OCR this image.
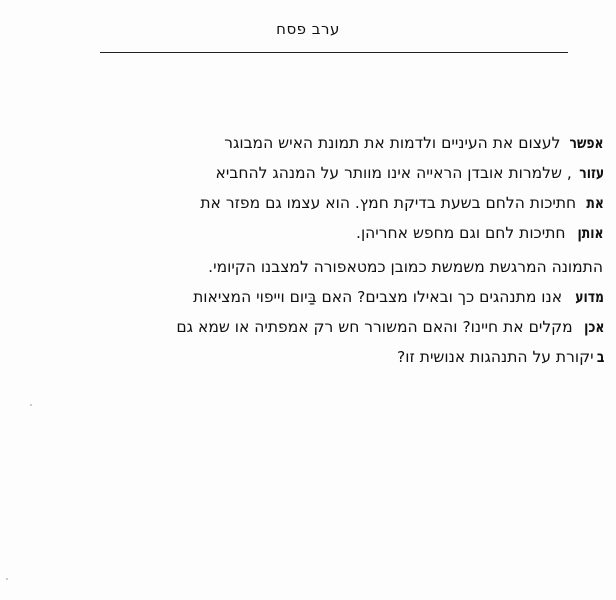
ערב פסח
אפשרלעצום את העיניים ולדמות את תמונת האיש המבוגר
עזור, שלמרות אובדן הראייה אינו מוותר על המנהג להחביא
את חתיכות הלחם בשעת בדיקת חמץ. הוא עצמו גם מפזר את
אותן חתיכות לחם וגם מחפש אחריהן.
התמונה המרגשת משמשת כמובן כמטאפורה למצבנו הקיומי.
מדוע אנו מתנהגים כך ובאילו מצבים? האם בַּיום וייפוי המציאות
אכן מקלים את חיינו? והאם המשורר חש רק אמפתיה או שמא גם
ביקורת על התנהגות אנושית זו?
